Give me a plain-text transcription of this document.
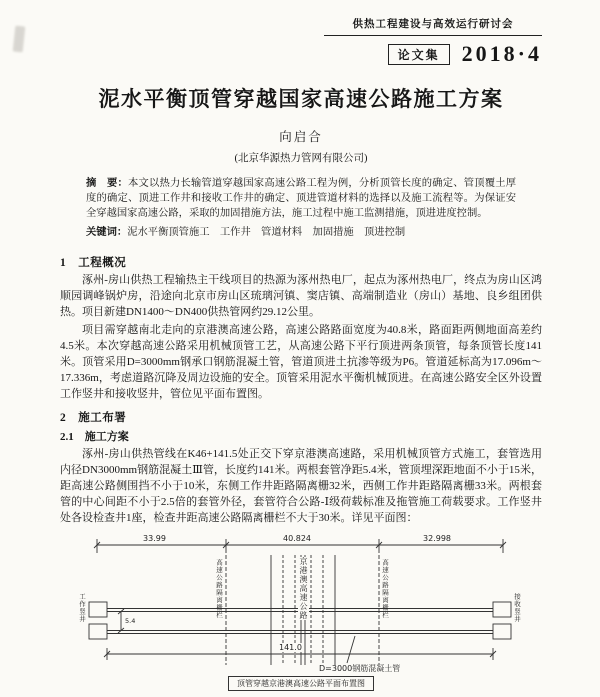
供热工程建设与高效运行研讨会
论文集	2018·4
泥水平衡顶管穿越国家高速公路施工方案
向启合
(北京华源热力管网有限公司)
摘　要：本文以热力长输管道穿越国家高速公路工程为例，分析顶管长度的确定、管顶覆土厚度的确定、顶进工作井和接收工作井的确定、顶进管道材料的选择以及施工流程等。为保证安全穿越国家高速公路，采取的加固措施方法，施工过程中施工监测措施，顶进进度控制。
关键词：泥水平衡顶管施工　工作井　管道材料　加固措施　顶进控制
1　工程概况

涿州-房山供热工程输热主干线项目的热源为涿州热电厂，起点为涿州热电厂，终点为房山区鸿顺园调峰锅炉房，沿途向北京市房山区琉璃河镇、窦店镇、高端制造业（房山）基地、良乡组团供热。项目新建DN1400～DN400供热管网约29.12公里。

项目需穿越南北走向的京港澳高速公路，高速公路路面宽度为40.8米，路面距两侧地面高差约4.5米。本次穿越高速公路采用机械顶管工艺，从高速公路下平行顶进两条顶管，每条顶管长度141米。顶管采用D=3000mm钢承口钢筋混凝土管，管道顶进土抗渗等级为P6。管道延标高为17.096m～17.336m，考虑道路沉降及周边设施的安全。顶管采用泥水平衡机械顶进。在高速公路安全区外设置工作竖井和接收竖井，管位见平面布置图。

2　施工布署
2.1　施工方案

涿州-房山供热管线在K46+141.5处正交下穿京港澳高速路，采用机械顶管方式施工，套管选用内径DN3000mm钢筋混凝土Ⅲ管，长度约141米。两根套管净距5.4米，管顶埋深距地面不小于15米，距高速公路侧围挡不小于10米，东侧工作井距路隔离栅32米，西侧工作井距路隔离栅33米。两根套管的中心间距不小于2.5倍的套管外径，套管符合公路-Ⅰ级荷载标准及拖管施工荷载要求。工作竖井处各设检查井1座，检查井距高速公路隔离栅栏不大于30米。详见平面图：

33.99	40.824	32.998
高速公路隔离栅栏	京港澳高速公路	高速公路隔离栅栏
工作竖井	接收竖井
5.4
141.0
D=3000钢筋混凝土管
顶管穿越京港澳高速公路平面布置图
